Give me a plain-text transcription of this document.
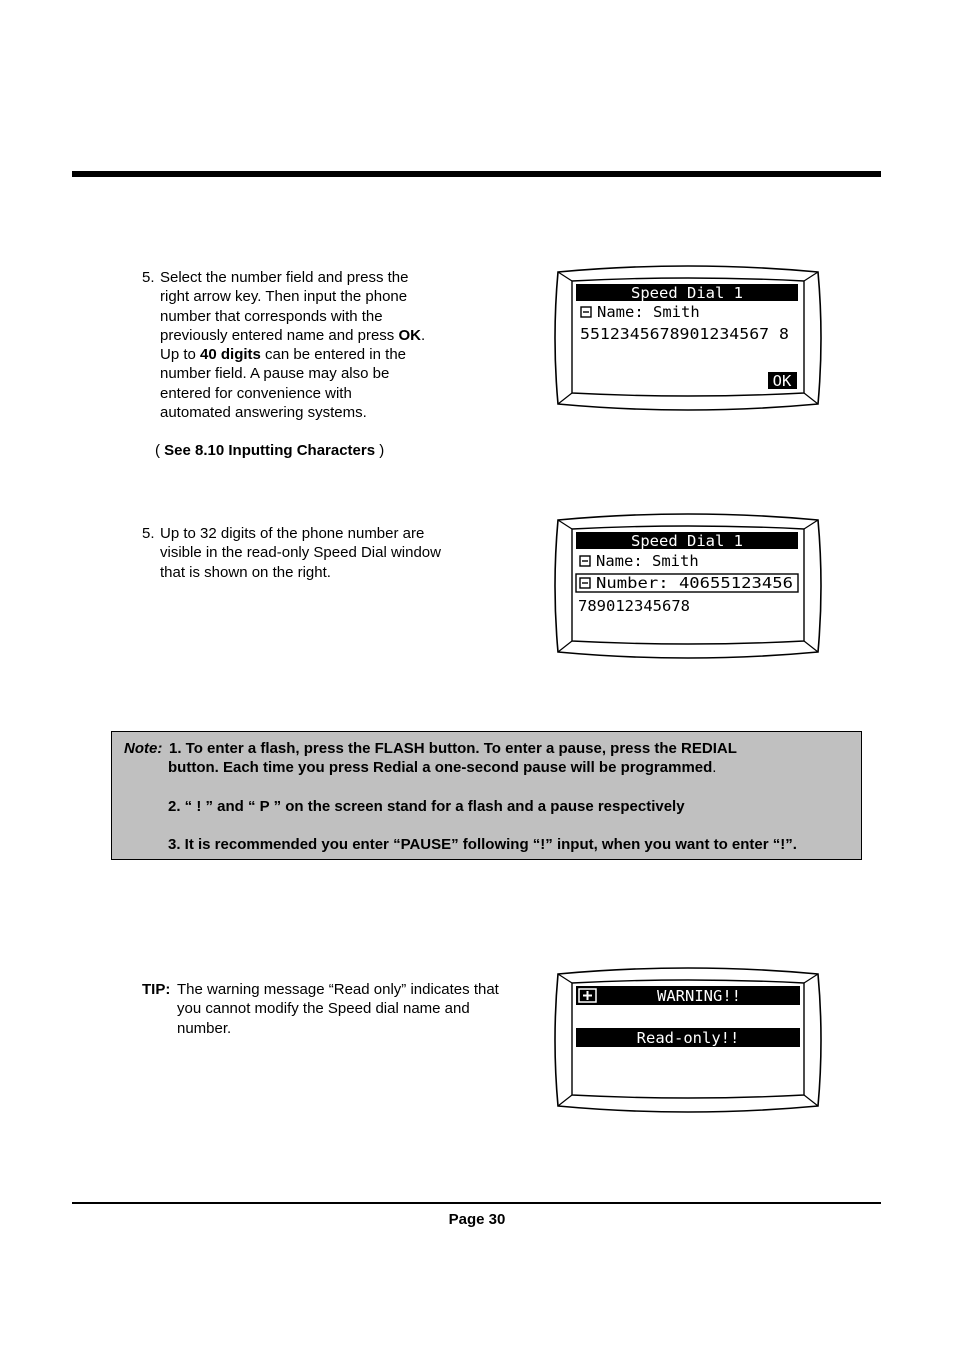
5. Select the number field and press the
right arrow key. Then input the phone
number that corresponds with the
previously entered name and press OK.
Up to 40 digits can be entered in the
number field. A pause may also be
entered for convenience with
automated answering systems.
( See 8.10 Inputting Characters )
Speed Dial 1
Name: Smith
5512345678901234567 8
OK
5. Up to 32 digits of the phone number are
visible in the read-only Speed Dial window
that is shown on the right.
Speed Dial 1
Name: Smith
Number: 40655123456
789012345678
Note: 1. To enter a flash, press the FLASH button. To enter a pause, press the REDIAL
button. Each time you press Redial a one-second pause will be programmed.
2. “ ! ” and “ P ” on the screen stand for a flash and a pause respectively
3. It is recommended you enter “PAUSE” following “!” input, when you want to enter “!”.
TIP: The warning message “Read only” indicates that
you cannot modify the Speed dial name and
number.
WARNING!!
Read-only!!
Page 30
